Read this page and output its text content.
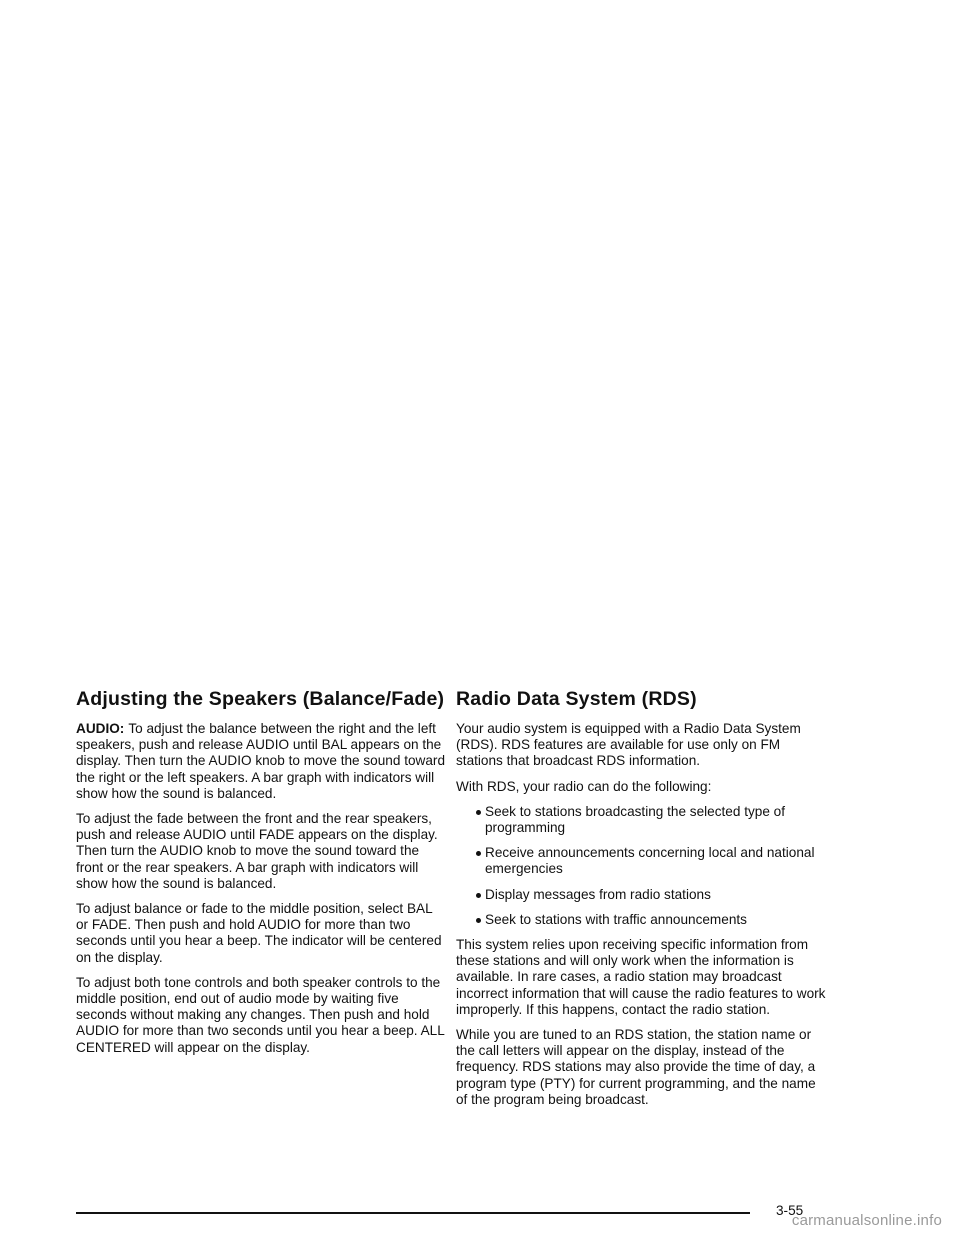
Adjusting the Speakers (Balance/Fade)

AUDIO: To adjust the balance between the right and the left speakers, push and release AUDIO until BAL appears on the display. Then turn the AUDIO knob to move the sound toward the right or the left speakers. A bar graph with indicators will show how the sound is balanced.

To adjust the fade between the front and the rear speakers, push and release AUDIO until FADE appears on the display. Then turn the AUDIO knob to move the sound toward the front or the rear speakers. A bar graph with indicators will show how the sound is balanced.

To adjust balance or fade to the middle position, select BAL or FADE. Then push and hold AUDIO for more than two seconds until you hear a beep. The indicator will be centered on the display.

To adjust both tone controls and both speaker controls to the middle position, end out of audio mode by waiting five seconds without making any changes. Then push and hold AUDIO for more than two seconds until you hear a beep. ALL CENTERED will appear on the display.

Radio Data System (RDS)

Your audio system is equipped with a Radio Data System (RDS). RDS features are available for use only on FM stations that broadcast RDS information.

With RDS, your radio can do the following:

Seek to stations broadcasting the selected type of programming
Receive announcements concerning local and national emergencies
Display messages from radio stations
Seek to stations with traffic announcements

This system relies upon receiving specific information from these stations and will only work when the information is available. In rare cases, a radio station may broadcast incorrect information that will cause the radio features to work improperly. If this happens, contact the radio station.

While you are tuned to an RDS station, the station name or the call letters will appear on the display, instead of the frequency. RDS stations may also provide the time of day, a program type (PTY) for current programming, and the name of the program being broadcast.

3-55
carmanualsonline.info
